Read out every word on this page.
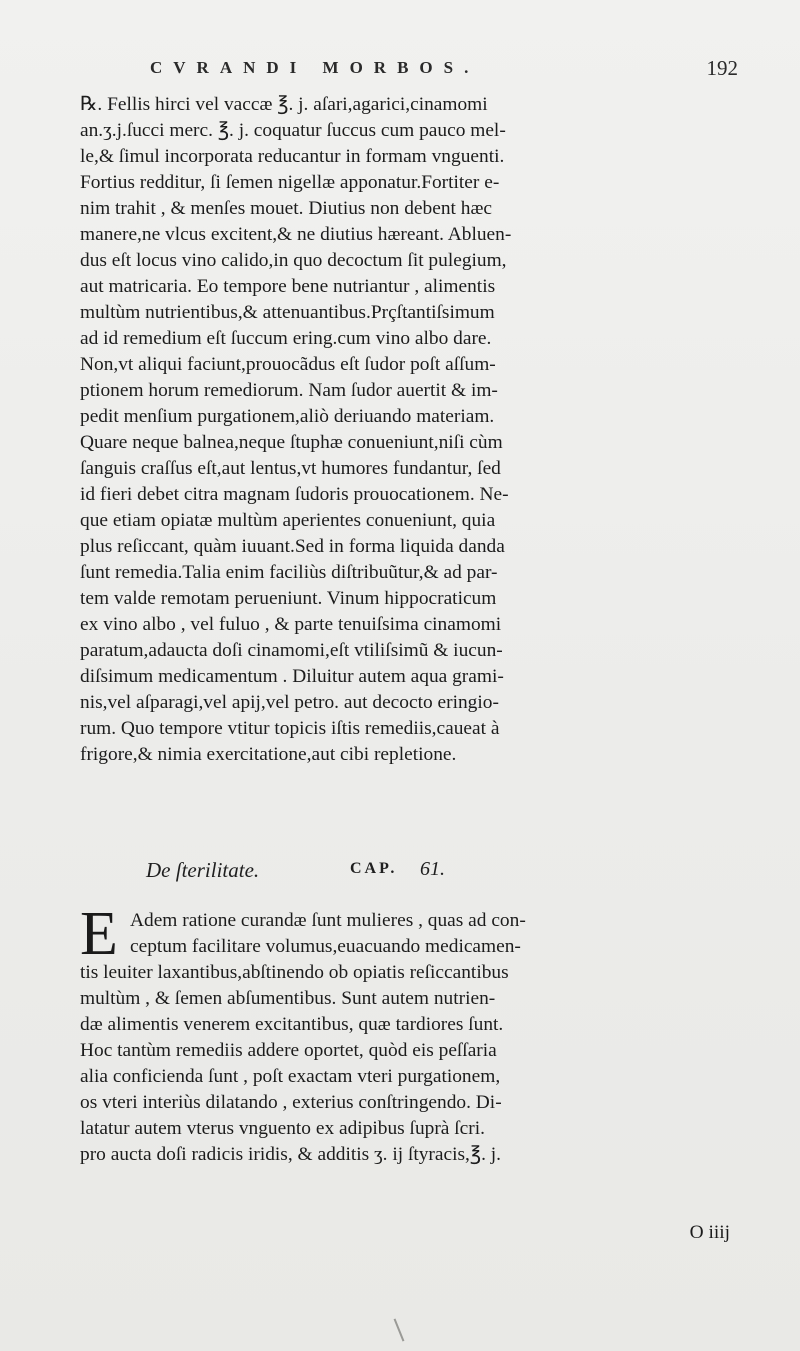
CVRANDI MORBOS.	192
℞. Fellis hirci vel vaccæ ℥. j. aſari,agarici,cinamomi
an.ʒ.j.ſucci merc. ℥. j. coquatur ſuccus cum pauco mel-
le,& ſimul incorporata reducantur in formam vnguenti.
Fortius redditur, ſi ſemen nigellæ apponatur.Fortiter e-
nim trahit , & menſes mouet. Diutius non debent hæc
manere,ne vlcus excitent,& ne diutius hæreant. Abluen-
dus eſt locus vino calido,in quo decoctum ſit pulegium,
aut matricaria. Eo tempore bene nutriantur , alimentis
multùm nutrientibus,& attenuantibus.Prçſtantiſsimum
ad id remedium eſt ſuccum ering.cum vino albo dare.
Non,vt aliqui faciunt,prouocãdus eſt ſudor poſt aſſum-
ptionem horum remediorum. Nam ſudor auertit & im-
pedit menſium purgationem,aliò deriuando materiam.
Quare neque balnea,neque ſtuphæ conueniunt,niſi cùm
ſanguis craſſus eſt,aut lentus,vt humores fundantur, ſed
id fieri debet citra magnam ſudoris prouocationem. Ne-
que etiam opiatæ multùm aperientes conueniunt, quia
plus reſiccant, quàm iuuant.Sed in forma liquida danda
ſunt remedia.Talia enim faciliùs diſtribuũtur,& ad par-
tem valde remotam perueniunt. Vinum hippocraticum
ex vino albo , vel fuluo , & parte tenuiſsima cinamomi
paratum,adaucta doſi cinamomi,eſt vtiliſsimũ & iucun-
diſsimum medicamentum . Diluitur autem aqua grami-
nis,vel aſparagi,vel apij,vel petro. aut decocto eringio-
rum. Quo tempore vtitur topicis iſtis remediis,caueat à
frigore,& nimia exercitatione,aut cibi repletione.
De ſterilitate.	CAP. 61.
E Adem ratione curandæ ſunt mulieres , quas ad con-
ceptum facilitare volumus,euacuando medicamen-
tis leuiter laxantibus,abſtinendo ob opiatis reſiccantibus
multùm , & ſemen abſumentibus. Sunt autem nutrien-
dæ alimentis venerem excitantibus, quæ tardiores ſunt.
Hoc tantùm remediis addere oportet, quòd eis peſſaria
alia conficienda ſunt , poſt exactam vteri purgationem,
os vteri interiùs dilatando , exterius conſtringendo. Di-
latatur autem vterus vnguento ex adipibus ſuprà ſcri.
pro aucta doſi radicis iridis, & additis ʒ. ij ſtyracis,℥. j.
O iiij
